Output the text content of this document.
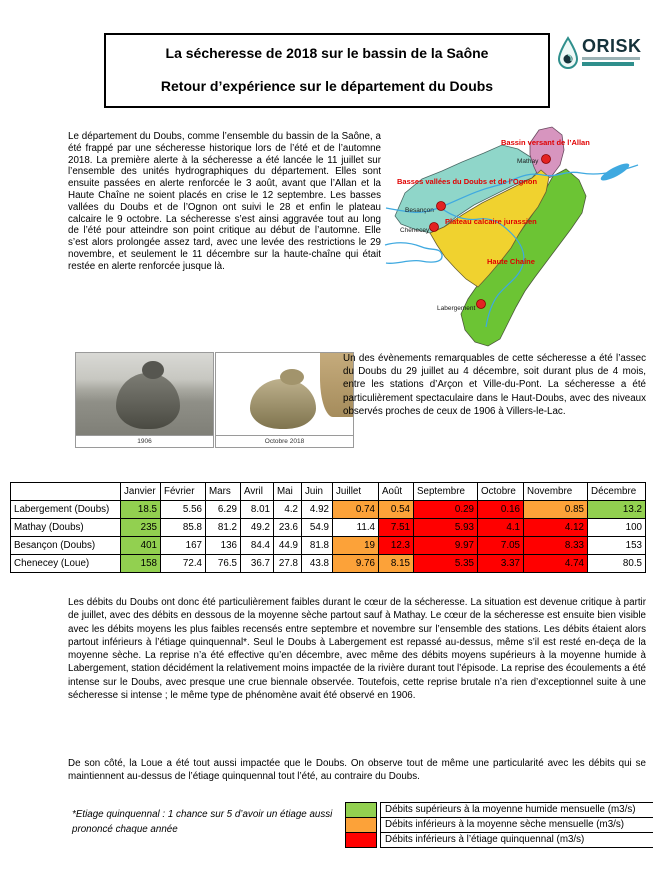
La sécheresse de 2018 sur le bassin de la Saône
Retour d’expérience sur le département du Doubs
ORISK
Le département du Doubs, comme l’ensemble du bassin de la Saône, a été frappé par une sécheresse historique lors de l’été et de l’automne 2018. La première alerte à la sécheresse a été lancée le 11 juillet sur l’ensemble des unités hydrographiques du département. Elles sont ensuite passées en alerte renforcée le 3 août, avant que l’Allan et la Haute Chaîne ne soient placés en crise le 12 septembre. Les basses vallées du Doubs et de l’Ognon ont suivi le 28 et enfin le plateau calcaire le 9 octobre. La sécheresse s’est ainsi aggravée tout au long de l’été pour atteindre son point critique au début de l’automne. Elle s’est alors prolongée assez tard, avec une levée des restrictions le 29 novembre, et seulement le 11 décembre sur la haute-chaîne qui était restée en alerte renforcée jusque là.
Mathay
Besançon
Chenecey
Labergement
Bassin versant de l’Allan
Basses vallées du Doubs et de l’Ognon
Plateau calcaire jurassien
Haute Chaîne
1906	Octobre 2018
Un des évènements remarquables de cette sécheresse a été l’assec du Doubs du 29 juillet au 4 décembre, soit durant plus de 4 mois, entre les stations d’Arçon et Ville-du-Pont. La sécheresse a été particulièrement spectaculaire dans le Haut-Doubs, avec des niveaux observés proches de ceux de 1906 à Villers-le-Lac.
	Janvier	Février	Mars	Avril	Mai	Juin	Juillet	Août	Septembre	Octobre	Novembre	Décembre
Labergement (Doubs)	18.5	5.56	6.29	8.01	4.2	4.92	0.74	0.54	0.29	0.16	0.85	13.2
Mathay (Doubs)	235	85.8	81.2	49.2	23.6	54.9	11.4	7.51	5.93	4.1	4.12	100
Besançon (Doubs)	401	167	136	84.4	44.9	81.8	19	12.3	9.97	7.05	8.33	153
Chenecey (Loue)	158	72.4	76.5	36.7	27.8	43.8	9.76	8.15	5.35	3.37	4.74	80.5
Les débits du Doubs ont donc été particulièrement faibles durant le cœur de la sécheresse. La situation est devenue critique à partir de juillet, avec des débits en dessous de la moyenne sèche partout sauf à Mathay. Le cœur de la sécheresse est ensuite bien visible avec les débits moyens les plus faibles recensés entre septembre et novembre sur l’ensemble des stations. Les débits étaient alors partout inférieurs à l’étiage quinquennal*. Seul le Doubs à Labergement est repassé au-dessus, même s’il est resté en-deça de la moyenne sèche. La reprise n’a été effective qu’en décembre, avec même des débits moyens supérieurs à la moyenne humide à Labergement, station décidément la relativement moins impactée de la rivière durant tout l’épisode. La reprise des écoulements a été intense sur le Doubs, avec presque une crue biennale observée. Toutefois, cette reprise brutale n’a rien d’exceptionnel suite à une sécheresse si intense ; le même type de phénomène avait été observé en 1906.
De son côté, la Loue a été tout aussi impactée que le Doubs. On observe tout de même une particularité avec les débits qui se maintiennent au-dessus de l’étiage quinquennal tout l’été, au contraire du Doubs.
*Etiage quinquennal : 1 chance sur 5 d’avoir un étiage aussi prononcé chaque année
Débits supérieurs à la moyenne humide mensuelle (m3/s)
Débits inférieurs à la moyenne sèche mensuelle (m3/s)
Débits inférieurs à l’étiage quinquennal (m3/s)
